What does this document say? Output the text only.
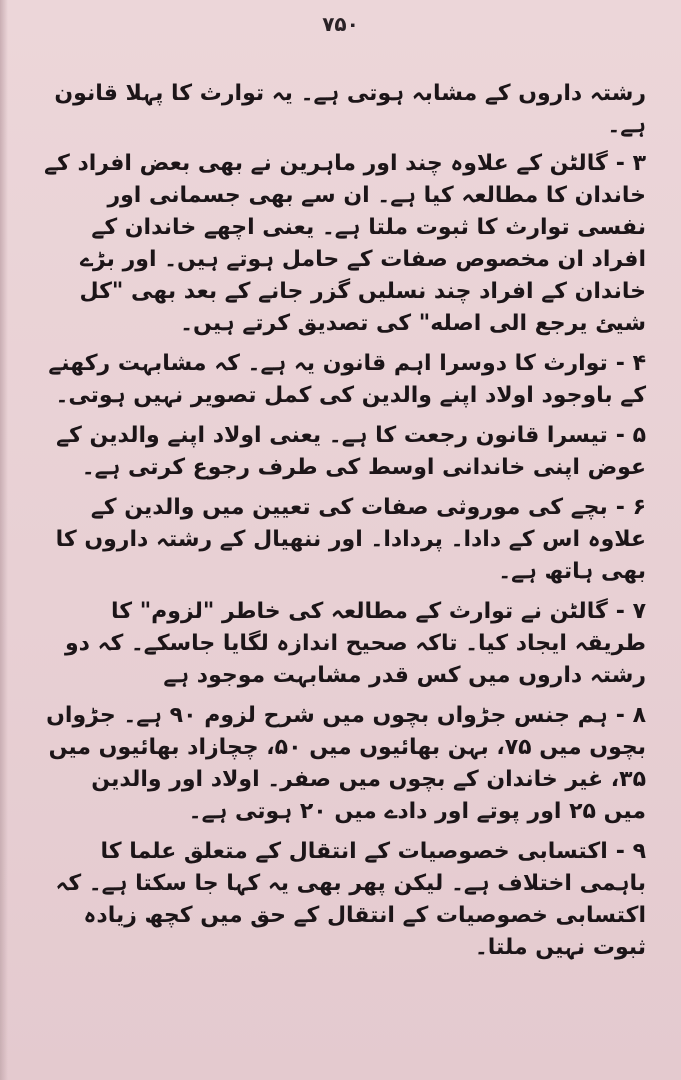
۷۵۰

رشتہ داروں کے مشابہ ہوتی ہے۔ یہ توارث کا پہلا قانون ہے۔

۳ -گالٹن کے علاوہ چند اور ماہرین نے بھی بعض افراد کے خاندان کا مطالعہ کیا ہے۔ ان سے بھی جسمانی اور نفسی توارث کا ثبوت ملتا ہے۔ یعنی اچھے خاندان کے افراد ان مخصوص صفات کے حامل ہوتے ہیں۔ اور بڑے خاندان کے افراد چند نسلیں گزر جانے کے بعد بھی "كل شيئ يرجع الى اصله" کی تصدیق کرتے ہیں۔

۴ -توارث کا دوسرا اہم قانون یہ ہے۔ کہ مشابہت رکھنے کے باوجود اولاد اپنے والدین کی کمل تصویر نہیں ہوتی۔

۵ -تیسرا قانون رجعت کا ہے۔ یعنی اولاد اپنے والدین کے عوض اپنی خاندانی اوسط کی طرف رجوع کرتی ہے۔

۶ -بچے کی موروثی صفات کی تعیین میں والدین کے علاوہ اس کے دادا۔ پردادا۔ اور ننھیال کے رشتہ داروں کا بھی ہاتھ ہے۔

۷ -گالٹن نے توارث کے مطالعہ کی خاطر "لزوم" کا طریقہ ایجاد کیا۔ تاکہ صحیح اندازہ لگایا جاسکے۔ کہ دو رشتہ داروں میں کس قدر مشابہت موجود ہے

۸ -ہم جنس جڑواں بچوں میں شرح لزوم ۹۰ ہے۔ جڑواں بچوں میں ۷۵، بہن بھائیوں میں ۵۰، چچازاد بھائیوں میں ۳۵، غیر خاندان کے بچوں میں صفر۔ اولاد اور والدین میں ۲۵ اور پوتے اور دادے میں ۲۰ ہوتی ہے۔

۹ -اکتسابی خصوصیات کے انتقال کے متعلق علما کا باہمی اختلاف ہے۔ لیکن پھر بھی یہ کہا جا سکتا ہے۔ کہ اکتسابی خصوصیات کے انتقال کے حق میں کچھ زیادہ ثبوت نہیں ملتا۔
